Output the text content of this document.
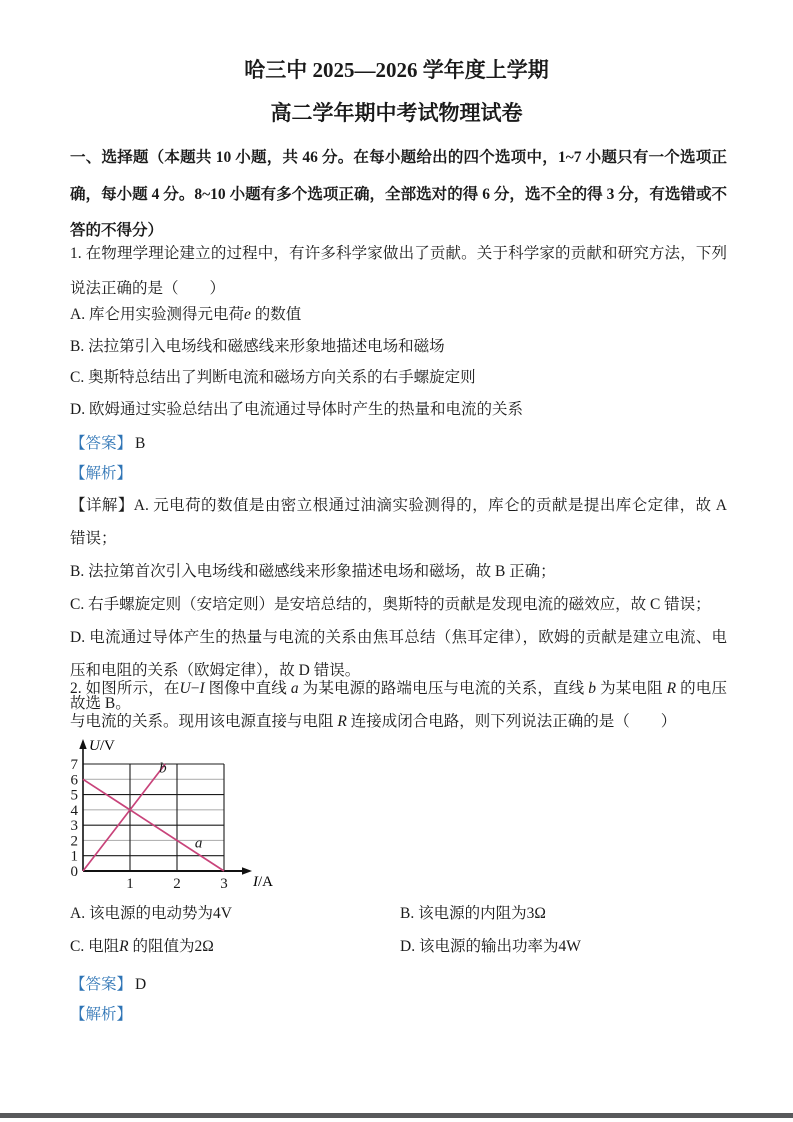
哈三中 2025—2026 学年度上学期
高二学年期中考试物理试卷
一、选择题（本题共 10 小题，共 46 分。在每小题给出的四个选项中，1~7 小题只有一个选项正确，每小题 4 分。8~10 小题有多个选项正确，全部选对的得 6 分，选不全的得 3 分，有选错或不答的不得分）
1. 在物理学理论建立的过程中，有许多科学家做出了贡献。关于科学家的贡献和研究方法，下列说法正确的是（　　）
A. 库仑用实验测得元电荷e 的数值
B. 法拉第引入电场线和磁感线来形象地描述电场和磁场
C. 奥斯特总结出了判断电流和磁场方向关系的右手螺旋定则
D. 欧姆通过实验总结出了电流通过导体时产生的热量和电流的关系
【答案】 B
【解析】

【详解】A. 元电荷的数值是由密立根通过油滴实验测得的，库仑的贡献是提出库仑定律，故 A 错误；

B. 法拉第首次引入电场线和磁感线来形象描述电场和磁场，故 B 正确；

C. 右手螺旋定则（安培定则）是安培总结的，奥斯特的贡献是发现电流的磁效应，故 C 错误；

D. 电流通过导体产生的热量与电流的关系由焦耳总结（焦耳定律），欧姆的贡献是建立电流、电压和电阻的关系（欧姆定律），故 D 错误。

故选 B。

2. 如图所示，在U−I 图像中直线 a 为某电源的路端电压与电流的关系，直线 b 为某电阻 R 的电压与电流的关系。现用该电源直接与电阻 R 连接成闭合电路，则下列说法正确的是（　　）
0
1
2
3
4
5
6
7
1	2	3
U/V
I/A
a
b
A. 该电源的电动势为4V	B. 该电源的内阻为3Ω
C. 电阻R 的阻值为2Ω	D. 该电源的输出功率为4W
【答案】 D
【解析】
